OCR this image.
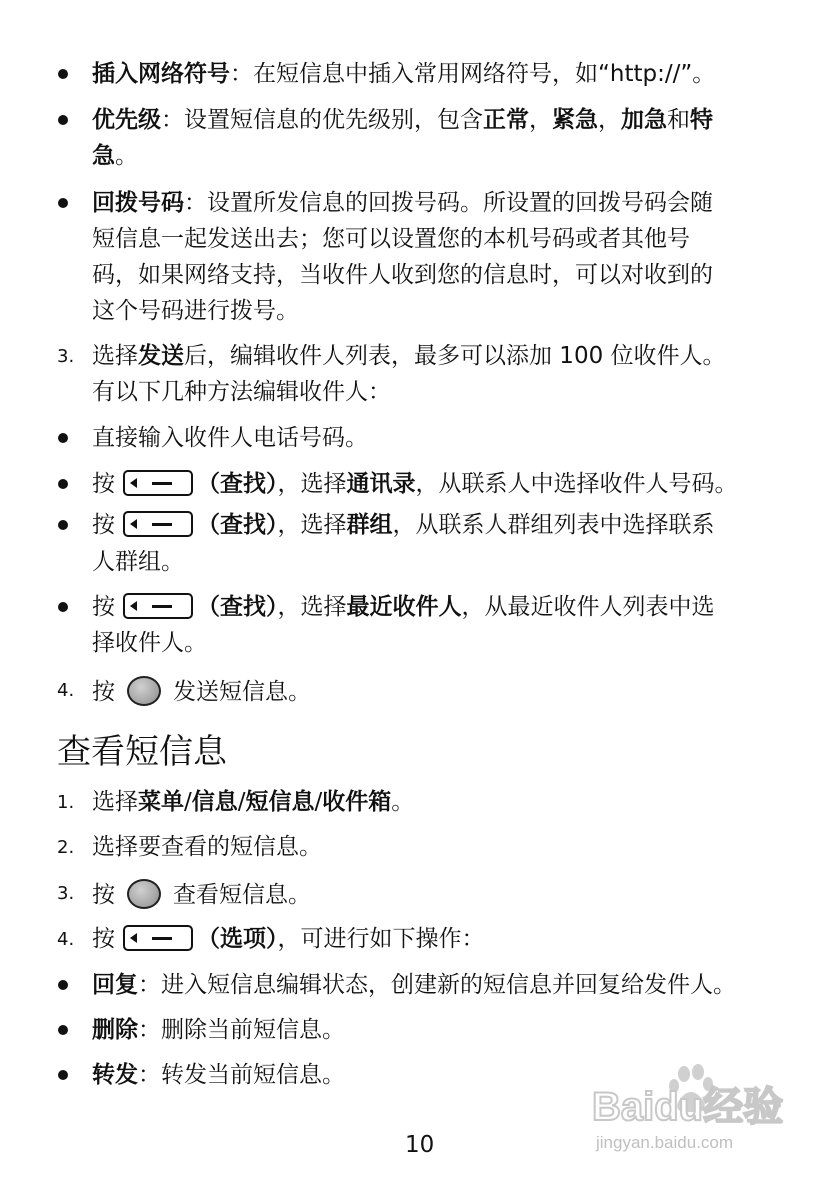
插入网络符号：在短信息中插入常用网络符号，如“http://”。
优先级：设置短信息的优先级别，包含正常，紧急，加急和特
急。
回拨号码：设置所发信息的回拨号码。所设置的回拨号码会随
短信息一起发送出去；您可以设置您的本机号码或者其他号
码，如果网络支持，当收件人收到您的信息时，可以对收到的
这个号码进行拨号。
3. 选择发送后，编辑收件人列表，最多可以添加 100 位收件人。
有以下几种方法编辑收件人：
直接输入收件人电话号码。
按	（查找），选择通讯录，从联系人中选择收件人号码。
按	（查找），选择群组，从联系人群组列表中选择联系
人群组。
按	（查找），选择最近收件人，从最近收件人列表中选
择收件人。
4. 按	发送短信息。
查看短信息
1. 选择菜单/信息/短信息/收件箱。
2. 选择要查看的短信息。
3. 按	查看短信息。
4. 按	（选项），可进行如下操作：
回复：进入短信息编辑状态，创建新的短信息并回复给发件人。
删除：删除当前短信息。
转发：转发当前短信息。
10
Baidu经验
jingyan.baidu.com
